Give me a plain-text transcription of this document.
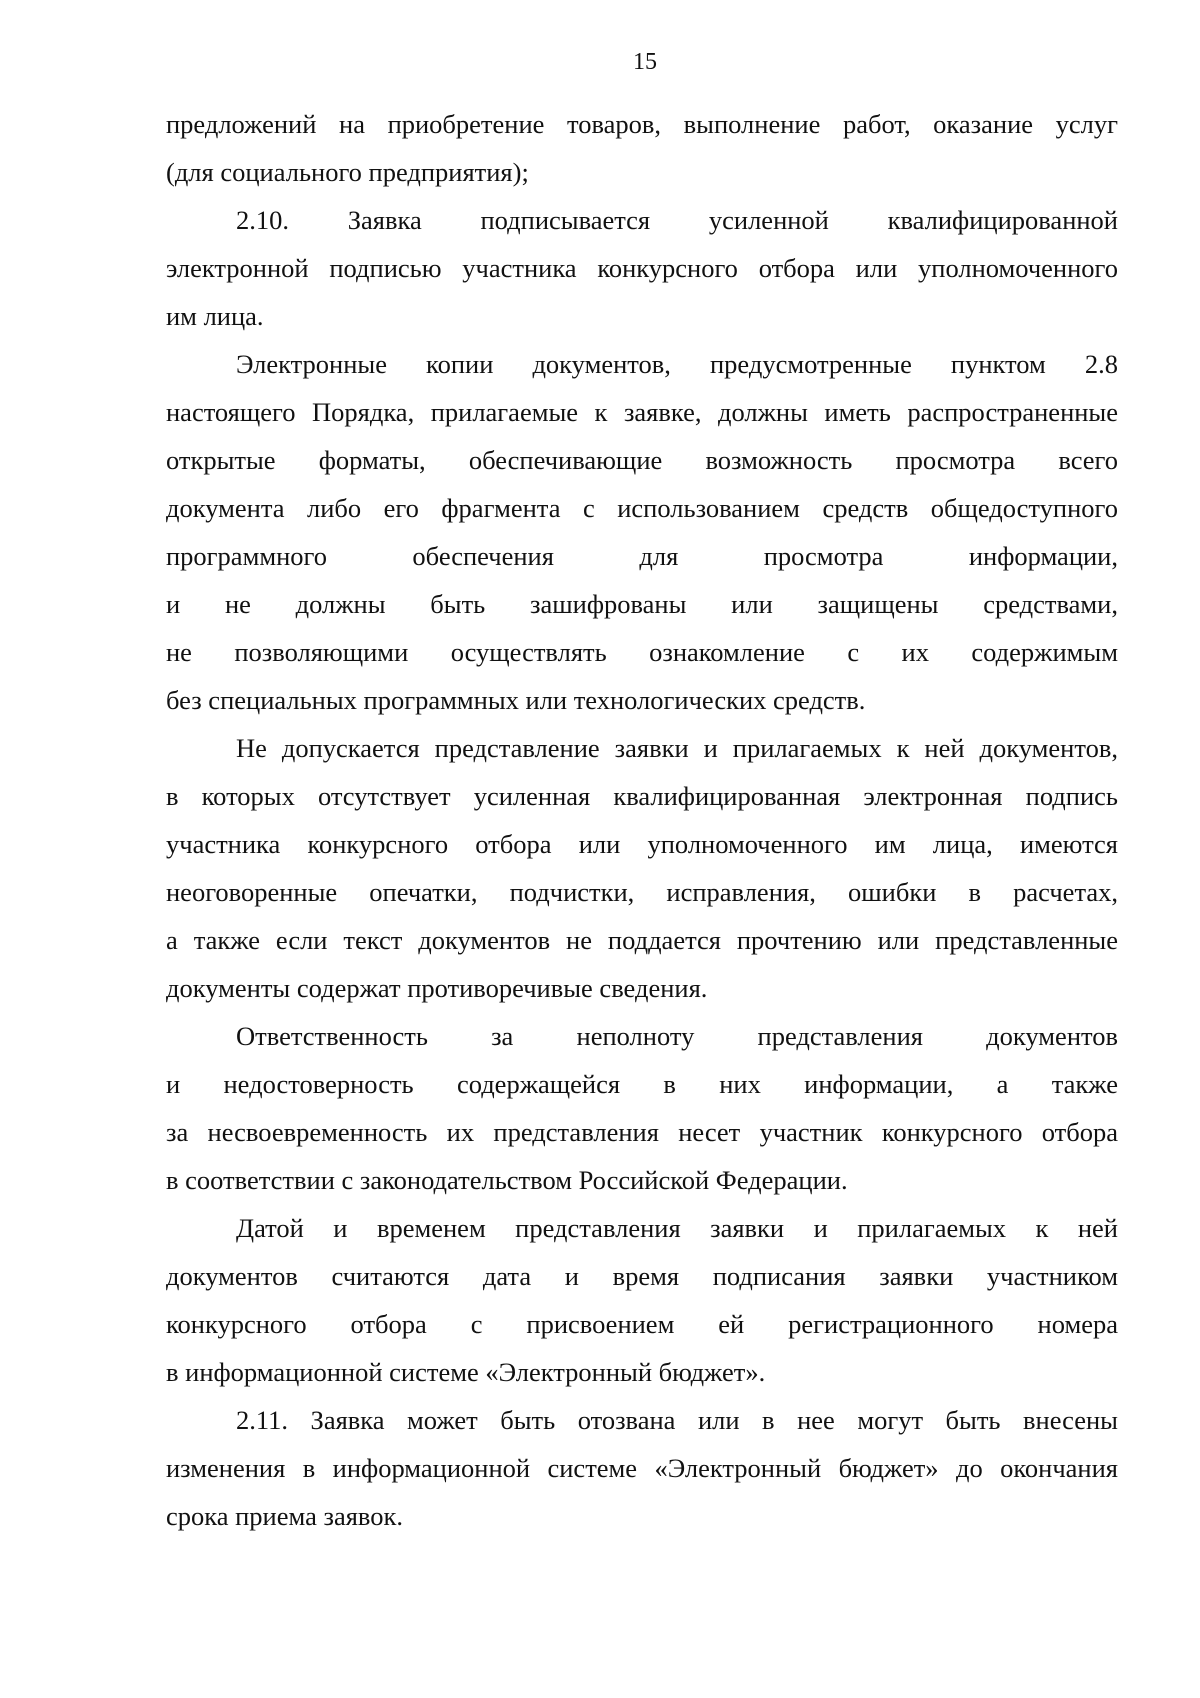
15
предложений на приобретение товаров, выполнение работ, оказание услуг
(для социального предприятия);
2.10. Заявка подписывается усиленной квалифицированной
электронной подписью участника конкурсного отбора или уполномоченного
им лица.
Электронные копии документов, предусмотренные пунктом 2.8
настоящего Порядка, прилагаемые к заявке, должны иметь распространенные
открытые форматы, обеспечивающие возможность просмотра всего
документа либо его фрагмента с использованием средств общедоступного
программного обеспечения для просмотра информации,
и не должны быть зашифрованы или защищены средствами,
не позволяющими осуществлять ознакомление с их содержимым
без специальных программных или технологических средств.
Не допускается представление заявки и прилагаемых к ней документов,
в которых отсутствует усиленная квалифицированная электронная подпись
участника конкурсного отбора или уполномоченного им лица, имеются
неоговоренные опечатки, подчистки, исправления, ошибки в расчетах,
а также если текст документов не поддается прочтению или представленные
документы содержат противоречивые сведения.
Ответственность за неполноту представления документов
и недостоверность содержащейся в них информации, а также
за несвоевременность их представления несет участник конкурсного отбора
в соответствии с законодательством Российской Федерации.
Датой и временем представления заявки и прилагаемых к ней
документов считаются дата и время подписания заявки участником
конкурсного отбора с присвоением ей регистрационного номера
в информационной системе «Электронный бюджет».
2.11. Заявка может быть отозвана или в нее могут быть внесены
изменения в информационной системе «Электронный бюджет» до окончания
срока приема заявок.
